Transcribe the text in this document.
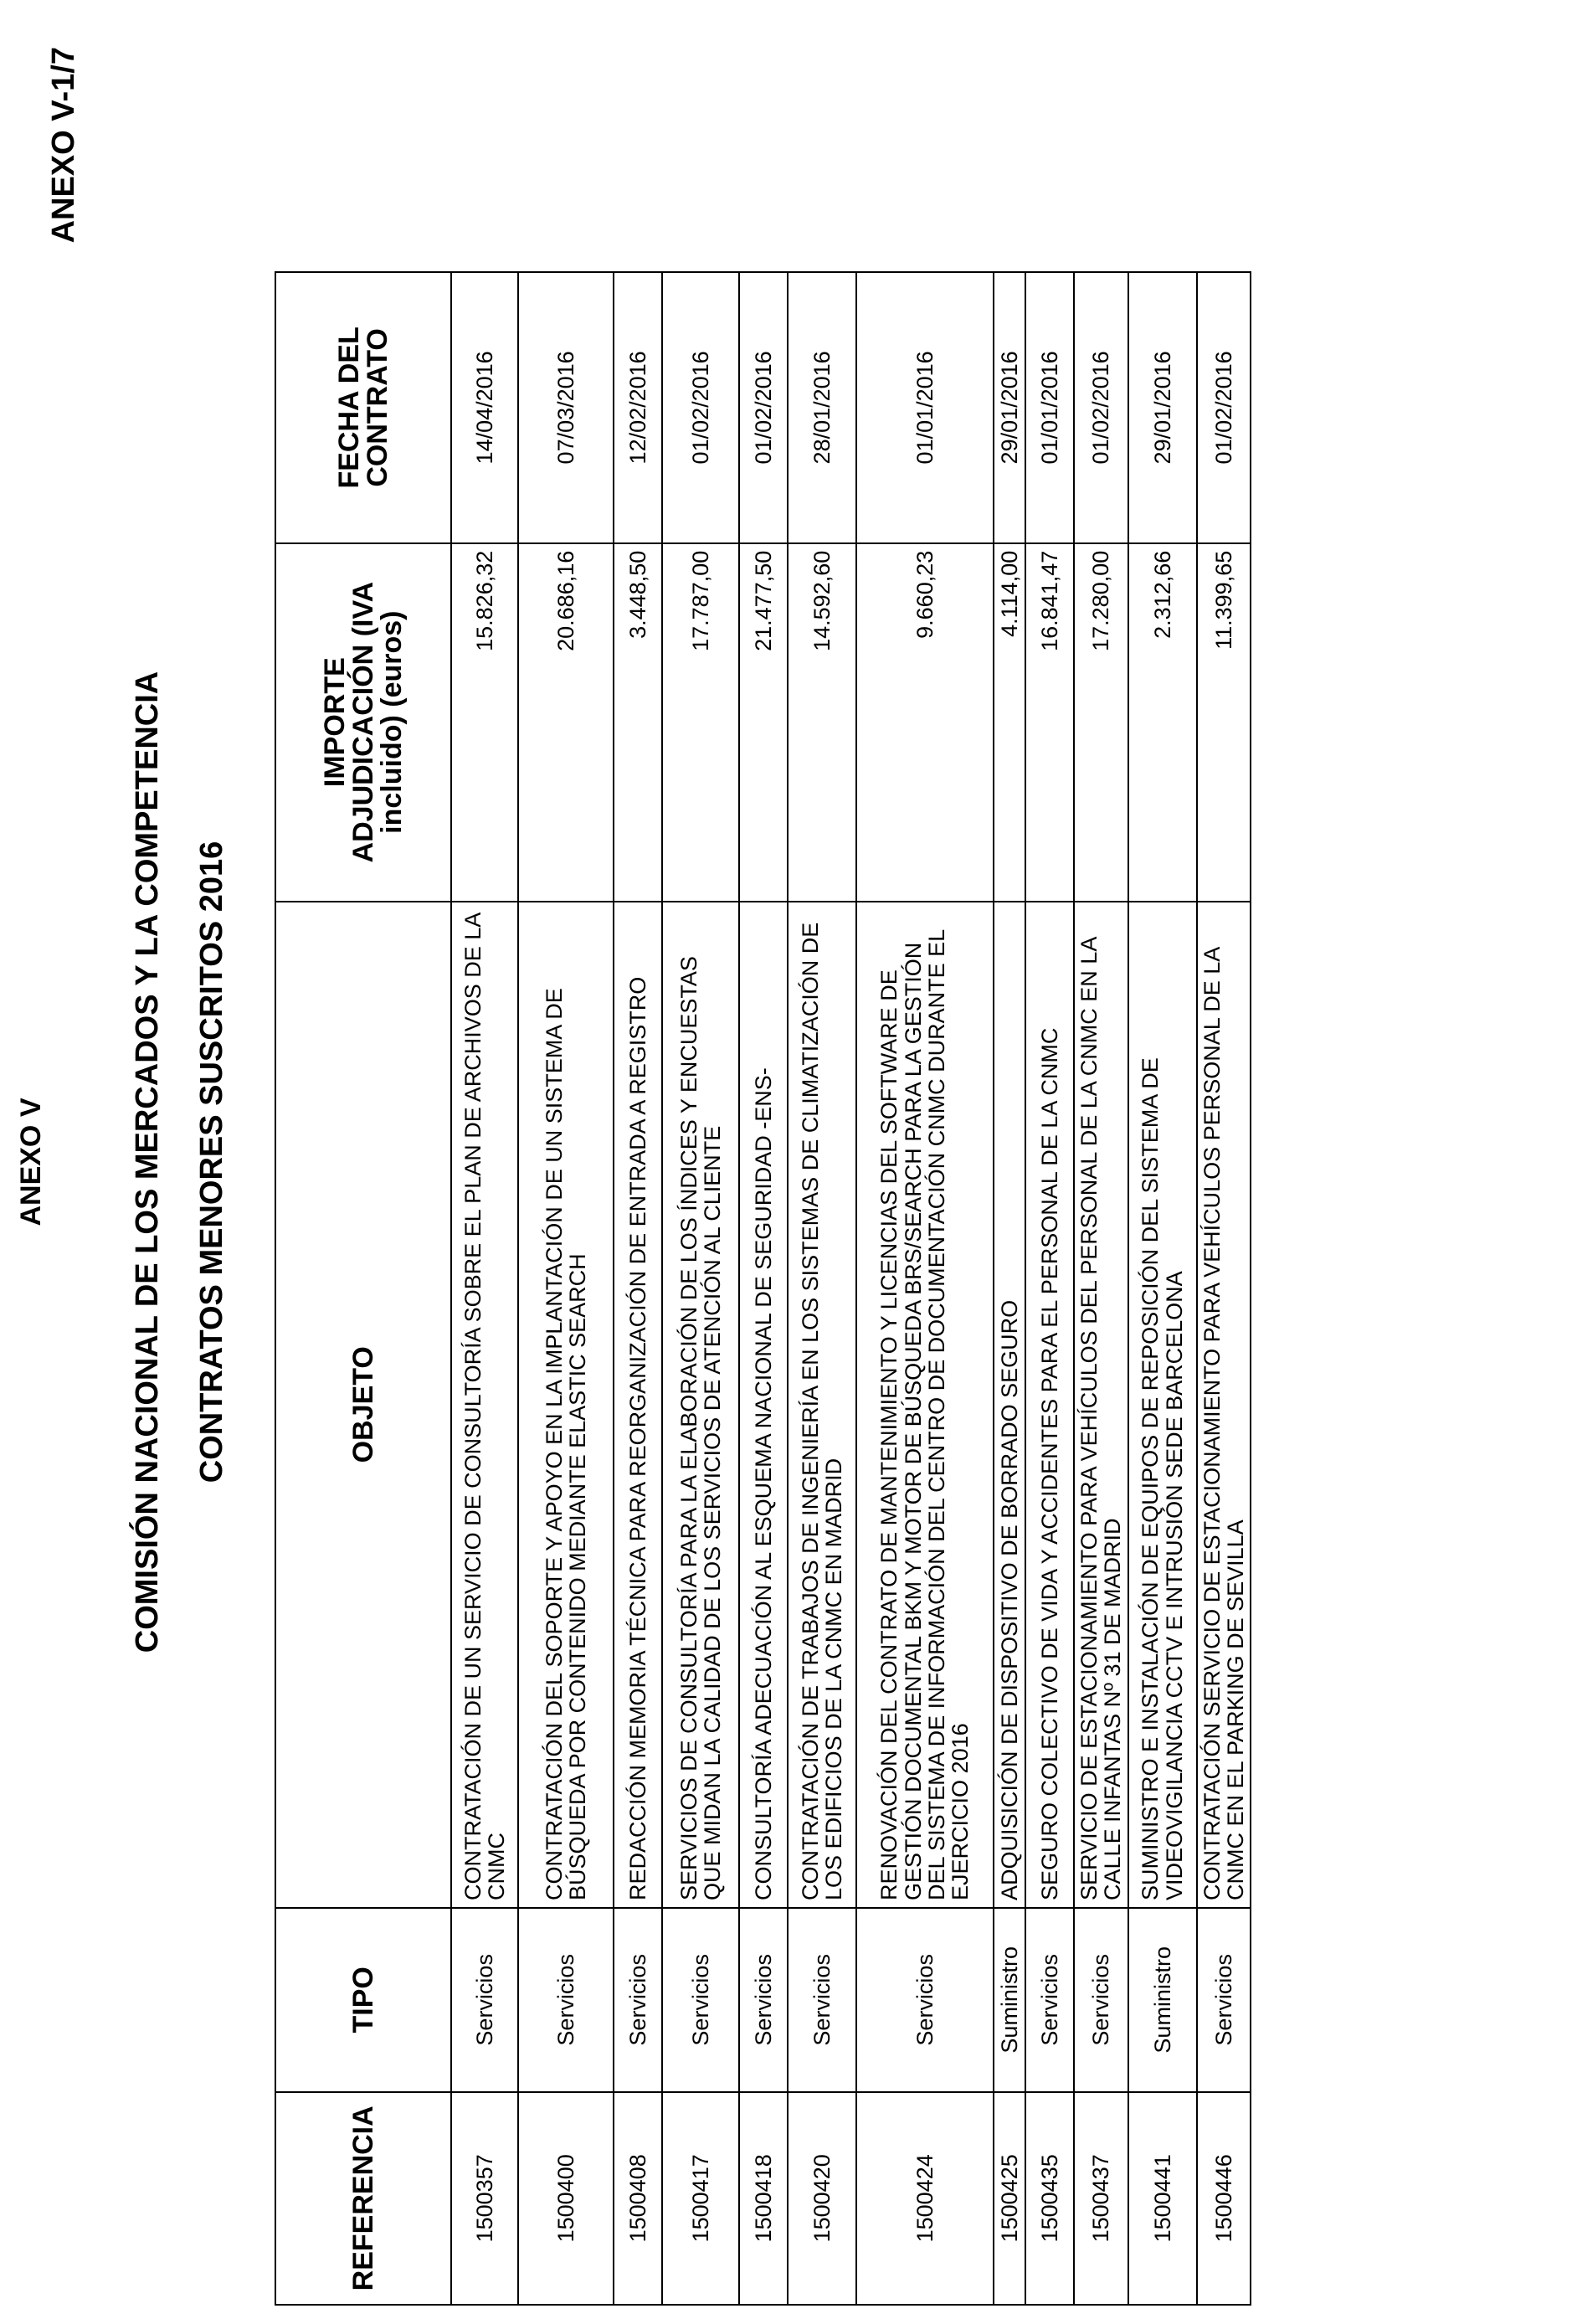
ANEXO V-1/7
ANEXO V	COMISIÓN NACIONAL DE LOS MERCADOS Y LA COMPETENCIA CONTRATOS MENORES SUSCRITOS 2016
REFERENCIA	TIPO	OBJETO	IMPORTE ADJUDICACIÓN (IVA incluido) (euros)	FECHA DEL CONTRATO
1500357	Servicios	CONTRATACIÓN DE UN SERVICIO DE CONSULTORÍA SOBRE EL PLAN DE ARCHIVOS DE LA CNMC	15.826,32	14/04/2016
1500400	Servicios	CONTRATACIÓN DEL SOPORTE Y APOYO EN LA IMPLANTACIÓN DE UN SISTEMA DE BÚSQUEDA POR CONTENIDO MEDIANTE ELASTIC SEARCH	20.686,16	07/03/2016
1500408	Servicios	REDACCIÓN MEMORIA TÉCNICA PARA REORGANIZACIÓN DE ENTRADA A REGISTRO	3.448,50	12/02/2016
1500417	Servicios	SERVICIOS DE CONSULTORÍA PARA LA ELABORACIÓN DE LOS ÍNDICES Y ENCUESTAS QUE MIDAN LA CALIDAD DE LOS SERVICIOS DE ATENCIÓN AL CLIENTE	17.787,00	01/02/2016
1500418	Servicios	CONSULTORÍA ADECUACIÓN AL ESQUEMA NACIONAL DE SEGURIDAD -ENS-	21.477,50	01/02/2016
1500420	Servicios	CONTRATACIÓN DE TRABAJOS DE INGENIERÍA EN LOS SISTEMAS DE CLIMATIZACIÓN DE LOS EDIFICIOS DE LA CNMC EN MADRID	14.592,60	28/01/2016
1500424	Servicios	RENOVACIÓN DEL CONTRATO DE MANTENIMIENTO Y LICENCIAS DEL SOFTWARE DE GESTIÓN DOCUMENTAL BKM Y MOTOR DE BÚSQUEDA BRS/SEARCH PARA LA GESTIÓN DEL SISTEMA DE INFORMACIÓN DEL CENTRO DE DOCUMENTACIÓN CNMC DURANTE EL EJERCICIO 2016	9.660,23	01/01/2016
1500425	Suministro	ADQUISICIÓN DE DISPOSITIVO DE BORRADO SEGURO	4.114,00	29/01/2016
1500435	Servicios	SEGURO COLECTIVO DE VIDA Y ACCIDENTES PARA EL PERSONAL DE LA CNMC	16.841,47	01/01/2016
1500437	Servicios	SERVICIO DE ESTACIONAMIENTO PARA VEHÍCULOS DEL PERSONAL DE LA CNMC EN LA CALLE INFANTAS Nº 31 DE MADRID	17.280,00	01/02/2016
1500441	Suministro	SUMINISTRO E INSTALACIÓN DE EQUIPOS DE REPOSICIÓN DEL SISTEMA DE VIDEOVIGILANCIA CCTV E INTRUSIÓN SEDE BARCELONA	2.312,66	29/01/2016
1500446	Servicios	CONTRATACIÓN SERVICIO DE ESTACIONAMIENTO PARA VEHÍCULOS PERSONAL DE LA CNMC EN EL PARKING DE SEVILLA	11.399,65	01/02/2016
